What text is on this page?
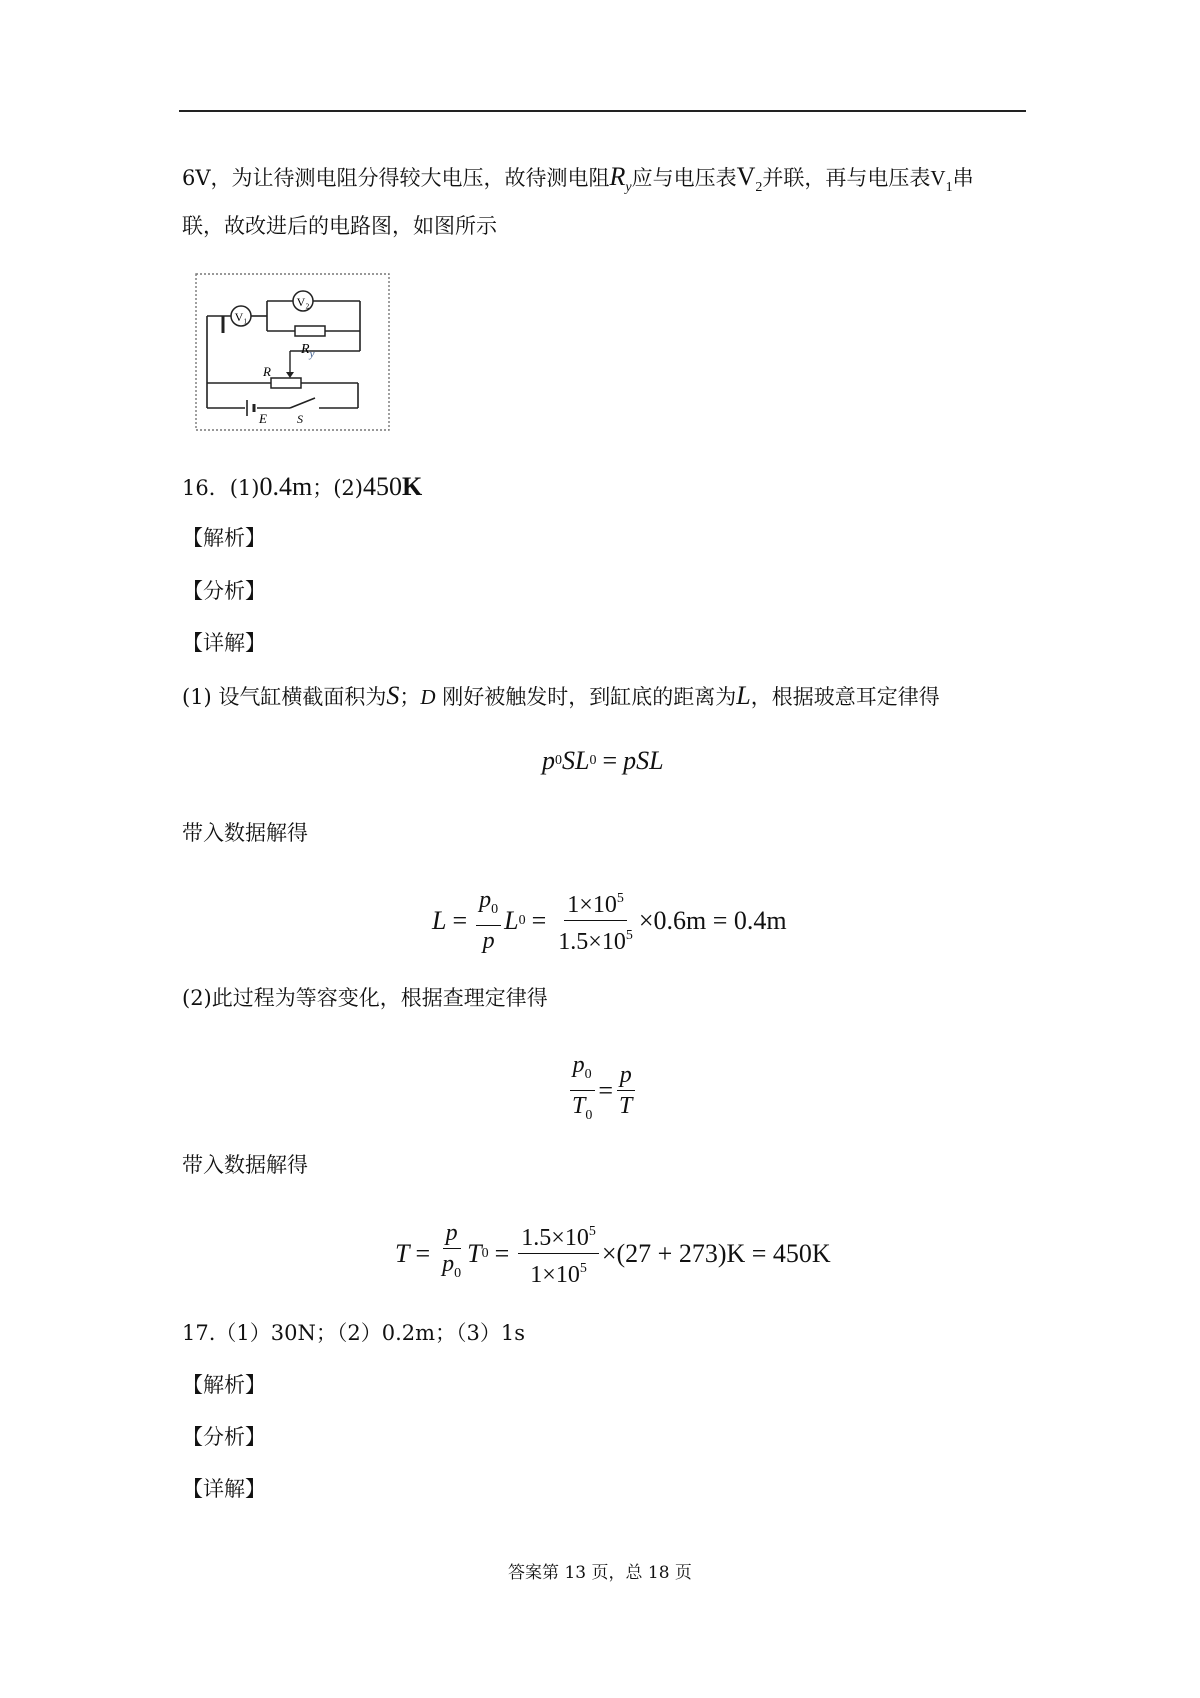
6V，为让待测电阻分得较大电压，故待测电阻$R_y$应与电压表$V_2$并联，再与电压表$V_1$串
联，故改进后的电路图，如图所示
V₁
V₂
$R_y$
R
E	S
16．(1)0.4m；(2)450K
【解析】
【分析】
【详解】
(1) 设气缸横截面积为S；D 刚好被触发时，到缸底的距离为L，根据玻意耳定律得
p 0 SL 0 = pSL
带入数据解得
$L = \frac{p_0}{p}$ L $0 = \frac{1\times 10^5}{1.5\times 10^5} \times 0.6m = 0.4m$
(2)此过程为等容变化，根据查理定律得
$\frac{p_0}{T_0} = \frac{p}{T}$
带入数据解得
$T = \frac{p}{p_0}$ T $0 = \frac{1.5\times 10^5}{1\times 10^5} \times(27 + 273)K = 450K$
17.（1）30N；（2）0.2m；（3）1s
【解析】
【分析】
【详解】
答案第 13 页，总 18 页
